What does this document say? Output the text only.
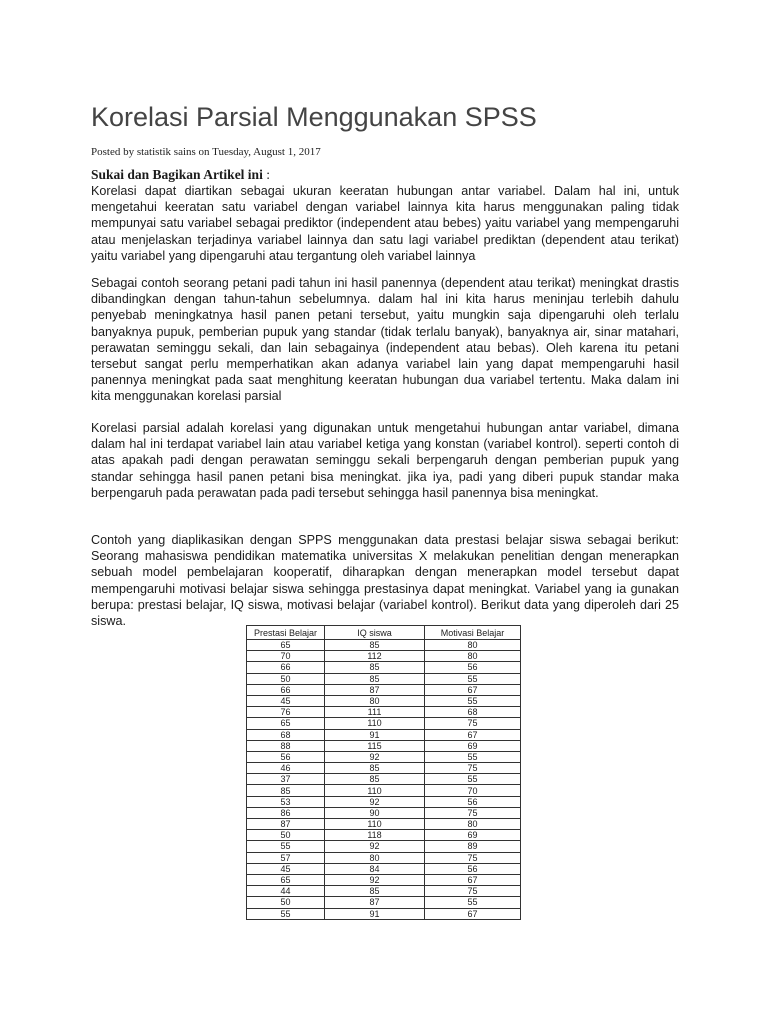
Korelasi Parsial Menggunakan SPSS
Posted by statistik sains on Tuesday, August 1, 2017
Sukai dan Bagikan Artikel ini :

Korelasi dapat diartikan sebagai ukuran keeratan hubungan antar variabel. Dalam hal ini, untuk mengetahui keeratan satu variabel dengan variabel lainnya kita harus menggunakan paling tidak mempunyai satu variabel sebagai prediktor (independent atau bebes) yaitu variabel yang mempengaruhi atau menjelaskan terjadinya variabel lainnya dan satu lagi variabel prediktan (dependent atau terikat) yaitu variabel yang dipengaruhi atau tergantung oleh variabel lainnya

Sebagai contoh seorang petani padi tahun ini hasil panennya (dependent atau terikat) meningkat drastis dibandingkan dengan tahun-tahun sebelumnya. dalam hal ini kita harus meninjau terlebih dahulu penyebab meningkatnya hasil panen petani tersebut, yaitu mungkin saja dipengaruhi oleh terlalu banyaknya pupuk, pemberian pupuk yang standar (tidak terlalu banyak), banyaknya air, sinar matahari, perawatan seminggu sekali, dan lain sebagainya (independent atau bebas). Oleh karena itu petani tersebut sangat perlu memperhatikan akan adanya variabel lain yang dapat mempengaruhi hasil panennya meningkat pada saat menghitung keeratan hubungan dua variabel tertentu. Maka dalam ini kita menggunakan korelasi parsial

Korelasi parsial adalah korelasi yang digunakan untuk mengetahui hubungan antar variabel, dimana dalam hal ini terdapat variabel lain atau variabel ketiga yang konstan (variabel kontrol). seperti contoh di atas apakah padi dengan perawatan seminggu sekali berpengaruh dengan pemberian pupuk yang standar sehingga hasil panen petani bisa meningkat. jika iya, padi yang diberi pupuk standar maka berpengaruh pada perawatan pada padi tersebut sehingga hasil panennya bisa meningkat.

Contoh yang diaplikasikan dengan SPPS menggunakan data prestasi belajar siswa sebagai berikut: Seorang mahasiswa pendidikan matematika universitas X melakukan penelitian dengan menerapkan sebuah model pembelajaran kooperatif, diharapkan dengan menerapkan model tersebut dapat mempengaruhi motivasi belajar siswa sehingga prestasinya dapat meningkat. Variabel yang ia gunakan berupa: prestasi belajar, IQ siswa, motivasi belajar (variabel kontrol). Berikut data yang diperoleh dari 25 siswa.

Prestasi Belajar	IQ siswa	Motivasi Belajar
65	85	80
70	112	80
66	85	56
50	85	55
66	87	67
45	80	55
76	111	68
65	110	75
68	91	67
88	115	69
56	92	55
46	85	75
37	85	55
85	110	70
53	92	56
86	90	75
87	110	80
50	118	69
55	92	89
57	80	75
45	84	56
65	92	67
44	85	75
50	87	55
55	91	67
